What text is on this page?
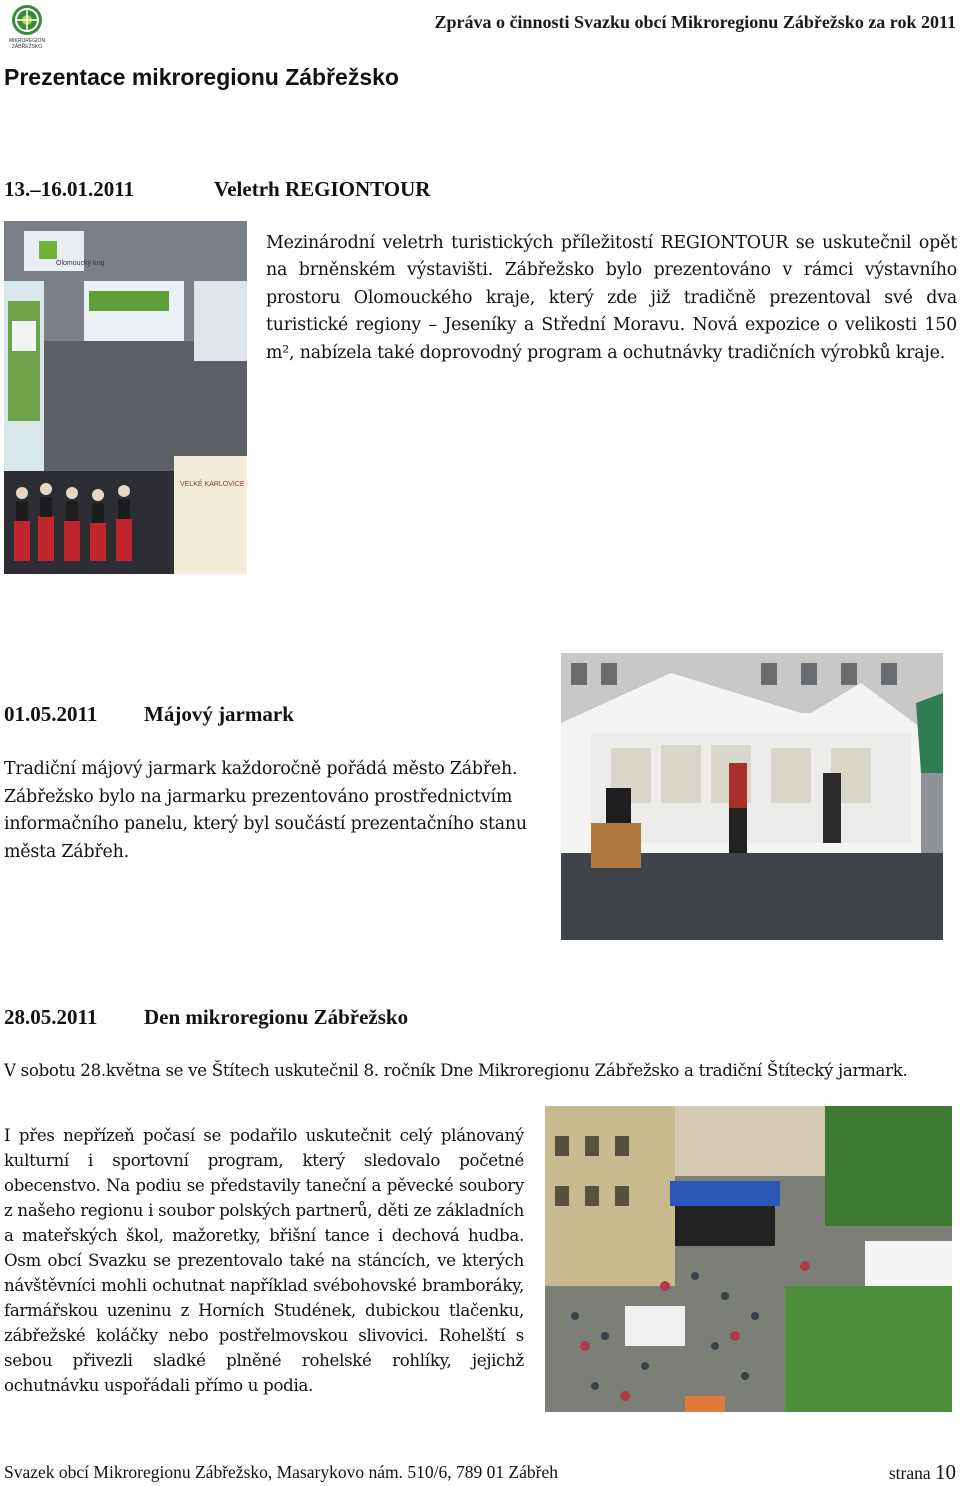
MIKROREGION
ZÁBŘEŽSKO
Zpráva o činnosti Svazku obcí Mikroregionu Zábřežsko za rok 2011
Prezentace mikroregionu Zábřežsko
13.–16.01.2011	Veletrh REGIONTOUR
Olomoucký kraj
VELKÉ KARLOVICE
Mezinárodní veletrh turistických příležitostí REGIONTOUR se uskutečnil opět na brněnském výstavišti. Zábřežsko bylo prezentováno v rámci výstavního prostoru Olomouckého kraje, který zde již tradičně prezentoval své dva turistické regiony – Jeseníky a Střední Moravu. Nová expozice o velikosti 150 m², nabízela také doprovodný program a ochutnávky tradičních výrobků kraje.
01.05.2011 Májový jarmark
Tradiční májový jarmark každoročně pořádá město Zábřeh. Zábřežsko bylo na jarmarku prezentováno prostřednictvím informačního panelu, který byl součástí prezentačního stanu města Zábřeh.
28.05.2011 Den mikroregionu Zábřežsko
V sobotu 28.května se ve Štítech uskutečnil 8. ročník Dne Mikroregionu Zábřežsko a tradiční Štítecký jarmark.
I přes nepřízeň počasí se podařilo uskutečnit celý plánovaný kulturní i sportovní program, který sledovalo početné obecenstvo. Na podiu se představily taneční a pěvecké soubory z našeho regionu i soubor polských partnerů, děti ze základních a mateřských škol, mažoretky, břišní tance i dechová hudba. Osm obcí Svazku se prezentovalo také na stáncích, ve kterých návštěvníci mohli ochutnat například svébohovské bramboráky, farmářskou uzeninu z Horních Studének, dubickou tlačenku, zábřežské koláčky nebo postřelmovskou slivovici. Rohelští s sebou přivezli sladké plněné rohelské rohlíky, jejichž ochutnávku uspořádali přímo u podia.
Svazek obcí Mikroregionu Zábřežsko, Masarykovo nám. 510/6, 789 01 Zábřeh	strana 10
